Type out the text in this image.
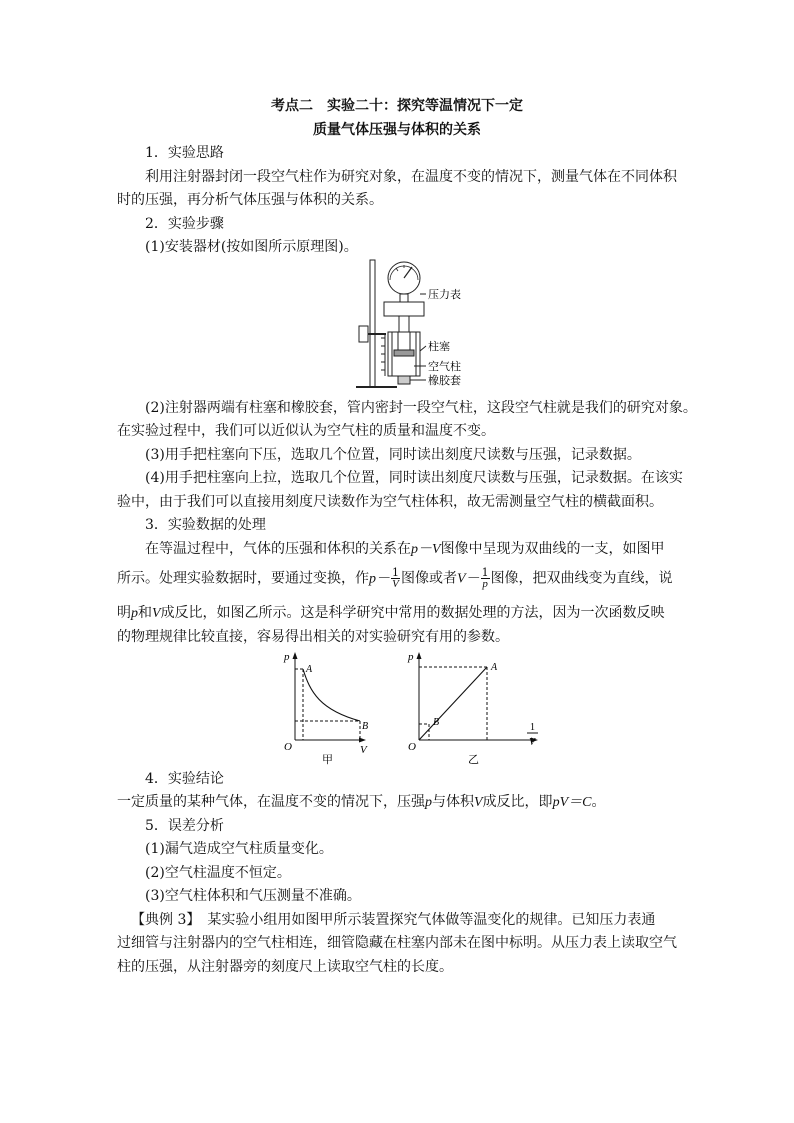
考点二　实验二十：探究等温情况下一定
质量气体压强与体积的关系
1．实验思路
利用注射器封闭一段空气柱作为研究对象，在温度不变的情况下，测量气体在不同体积
时的压强，再分析气体压强与体积的关系。
2．实验步骤
(1)安装器材(按如图所示原理图)。
压力表
柱塞
空气柱
橡胶套
(2)注射器两端有柱塞和橡胶套，管内密封一段空气柱，这段空气柱就是我们的研究对象。
在实验过程中，我们可以近似认为空气柱的质量和温度不变。
(3)用手把柱塞向下压，选取几个位置，同时读出刻度尺读数与压强，记录数据。
(4)用手把柱塞向上拉，选取几个位置，同时读出刻度尺读数与压强，记录数据。在该实
验中，由于我们可以直接用刻度尺读数作为空气柱体积，故无需测量空气柱的横截面积。
3．实验数据的处理
在等温过程中，气体的压强和体积的关系在p－V图像中呈现为双曲线的一支，如图甲
所示。处理实验数据时，要通过变换，作$p- \frac{1}{V}$ 图像或者$V- \frac{1}{p}$ 图像，把双曲线变为直线，说
明p和V成反比，如图乙所示。这是科学研究中常用的数据处理的方法，因为一次函数反映
的物理规律比较直接，容易得出相关的对实验研究有用的参数。
p
A
B
O	V
甲
p
A
B
O
1
V
乙
4．实验结论
一定质量的某种气体，在温度不变的情况下，压强p与体积V成反比，即pV＝C。
5．误差分析
(1)漏气造成空气柱质量变化。
(2)空气柱温度不恒定。
(3)空气柱体积和气压测量不准确。
【典例 3】　某实验小组用如图甲所示装置探究气体做等温变化的规律。已知压力表通
过细管与注射器内的空气柱相连，细管隐藏在柱塞内部未在图中标明。从压力表上读取空气
柱的压强，从注射器旁的刻度尺上读取空气柱的长度。
